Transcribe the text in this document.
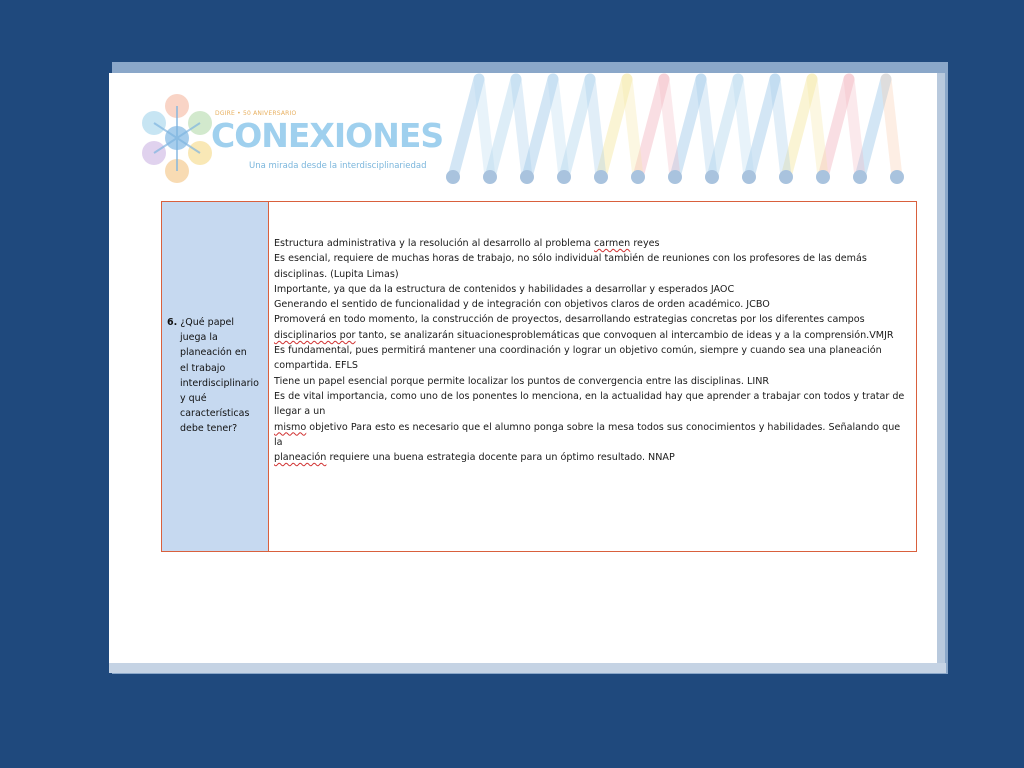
DGIRE • 50 ANIVERSARIO
CONEXIONES
Una mirada desde la interdisciplinariedad
6. ¿Qué papel
juega la
planeación en
el trabajo
interdisciplinario
y qué
características
debe tener?

Estructura administrativa y la resolución al desarrollo al problema carmen reyes

Es esencial, requiere de muchas horas de trabajo, no sólo individual también de reuniones con los profesores de las demás disciplinas. (Lupita Limas)

Importante, ya que da la estructura de contenidos y habilidades a desarrollar y esperados JAOC

Generando el sentido de funcionalidad y de integración con objetivos claros de orden académico. JCBO

Promoverá en todo momento, la construcción de proyectos, desarrollando estrategias concretas por los diferentes campos disciplinarios por tanto, se analizarán situacionesproblemáticas que convoquen al intercambio de ideas y a la comprensión.VMJR

Es fundamental, pues permitirá mantener una coordinación y lograr un objetivo común, siempre y cuando sea una planeación compartida. EFLS

Tiene un papel esencial porque permite localizar los puntos de convergencia entre las disciplinas. LINR

Es de vital importancia, como uno de los ponentes lo menciona, en la actualidad hay que aprender a trabajar con todos y tratar de llegar a un

mismo objetivo Para esto es necesario que el alumno ponga sobre la mesa todos sus conocimientos y habilidades. Señalando que la

planeación requiere una buena estrategia docente para un óptimo resultado. NNAP
